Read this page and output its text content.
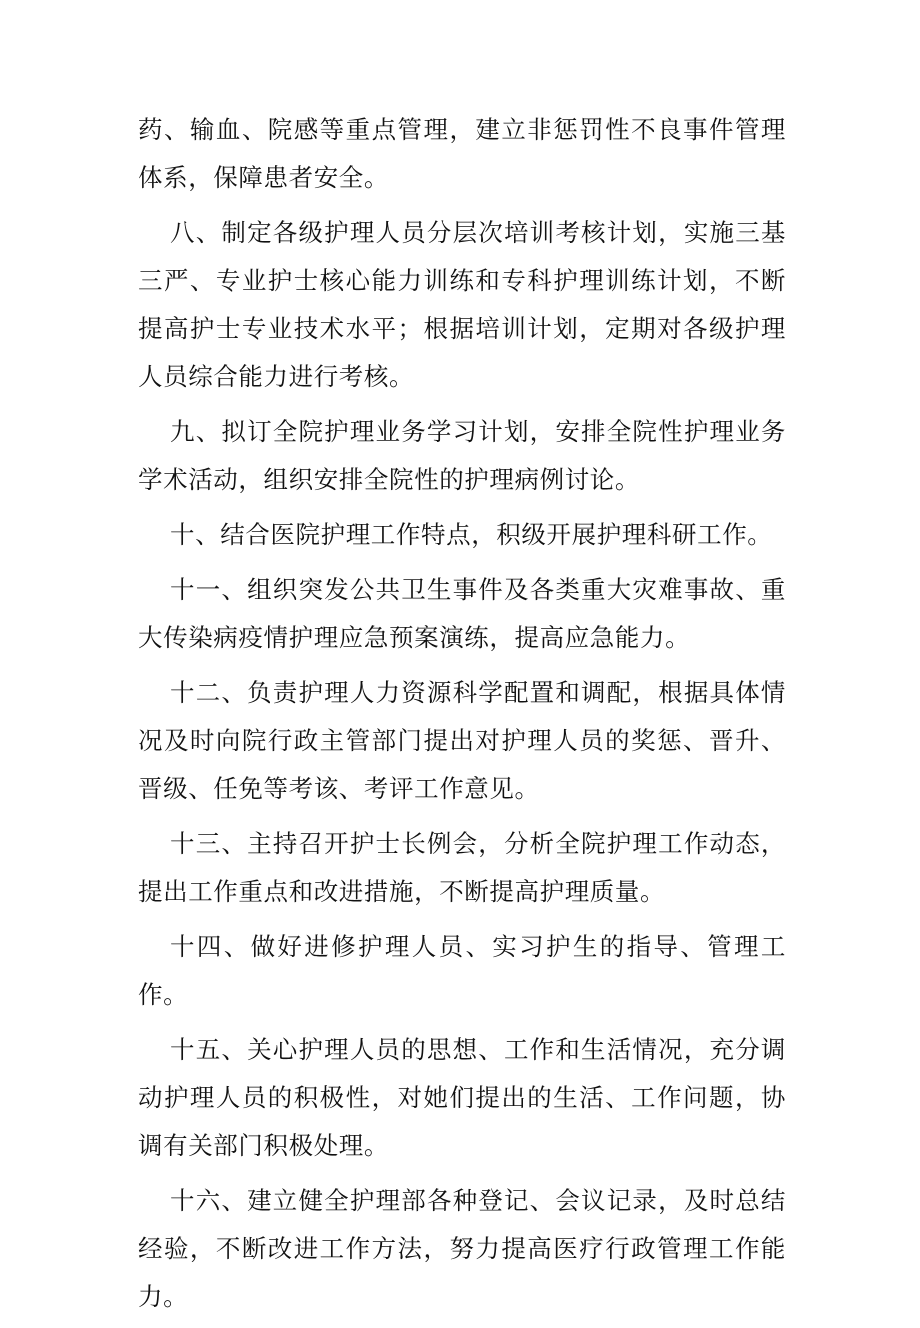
药、输血、院感等重点管理，建立非惩罚性不良事件管理体系，保障患者安全。

八、制定各级护理人员分层次培训考核计划，实施三基三严、专业护士核心能力训练和专科护理训练计划，不断提高护士专业技术水平；根据培训计划，定期对各级护理人员综合能力进行考核。

九、拟订全院护理业务学习计划，安排全院性护理业务学术活动，组织安排全院性的护理病例讨论。

十、结合医院护理工作特点，积级开展护理科研工作。

十一、组织突发公共卫生事件及各类重大灾难事故、重大传染病疫情护理应急预案演练，提高应急能力。

十二、负责护理人力资源科学配置和调配，根据具体情况及时向院行政主管部门提出对护理人员的奖惩、晋升、晋级、任免等考该、考评工作意见。

十三、主持召开护士长例会，分析全院护理工作动态，提出工作重点和改进措施，不断提高护理质量。

十四、做好进修护理人员、实习护生的指导、管理工作。

十五、关心护理人员的思想、工作和生活情况，充分调动护理人员的积极性，对她们提出的生活、工作问题，协调有关部门积极处理。

十六、建立健全护理部各种登记、会议记录，及时总结经验，不断改进工作方法，努力提高医疗行政管理工作能力。
